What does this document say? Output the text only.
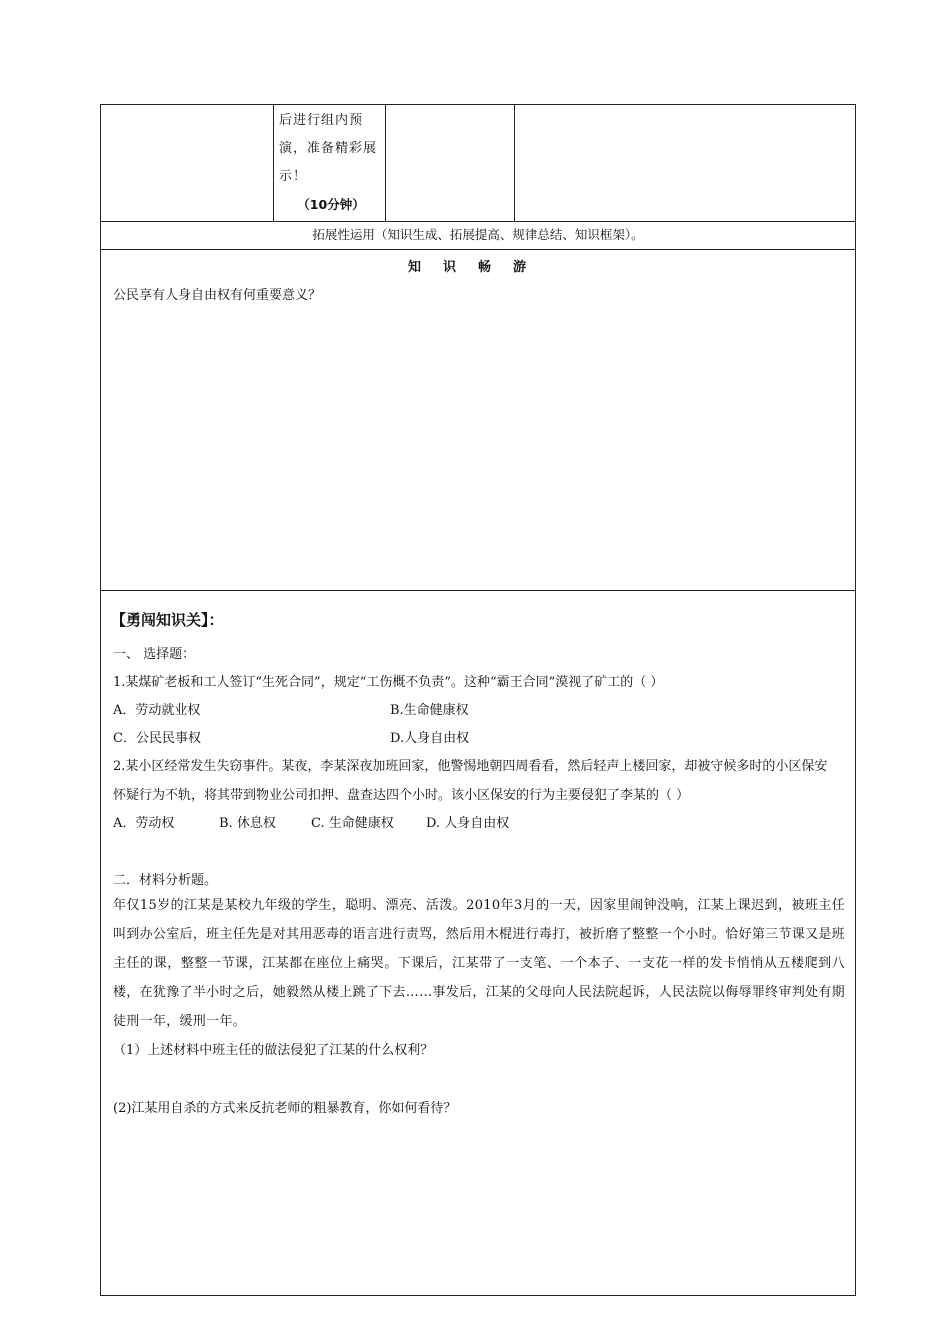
后进行组内预演，准备精彩展示！
（10分钟）
拓展性运用（知识生成、拓展提高、规律总结、知识框架）。
知识畅游
公民享有人身自由权有何重要意义？
【勇闯知识关】：
一、 选择题：
1.某煤矿老板和工人签订“生死合同”，规定“工伤概不负责”。这种“霸王合同”漠视了矿工的（ ）
A．劳动就业权	B.生命健康权
C．公民民事权	D.人身自由权
2.某小区经常发生失窃事件。某夜，李某深夜加班回家，他警惕地朝四周看看，然后轻声上楼回家，却被守候多时的小区保安
怀疑行为不轨，将其带到物业公司扣押、盘查达四个小时。该小区保安的行为主要侵犯了李某的（ ）
A．劳动权	B. 休息权	C. 生命健康权 D. 人身自由权
二．材料分析题。
年仅15岁的江某是某校九年级的学生，聪明、漂亮、活泼。2010年3月的一天，因家里闹钟没响，江某上课迟到，被班主任叫到办公室后，班主任先是对其用恶毒的语言进行责骂，然后用木棍进行毒打，被折磨了整整一个小时。恰好第三节课又是班主任的课，整整一节课，江某都在座位上痛哭。下课后，江某带了一支笔、一个本子、一支花一样的发卡悄悄从五楼爬到八楼，在犹豫了半小时之后，她毅然从楼上跳了下去……事发后，江某的父母向人民法院起诉，人民法院以侮辱罪终审判处有期徒刑一年，缓刑一年。
（1）上述材料中班主任的做法侵犯了江某的什么权利？
(2)江某用自杀的方式来反抗老师的粗暴教育，你如何看待？
